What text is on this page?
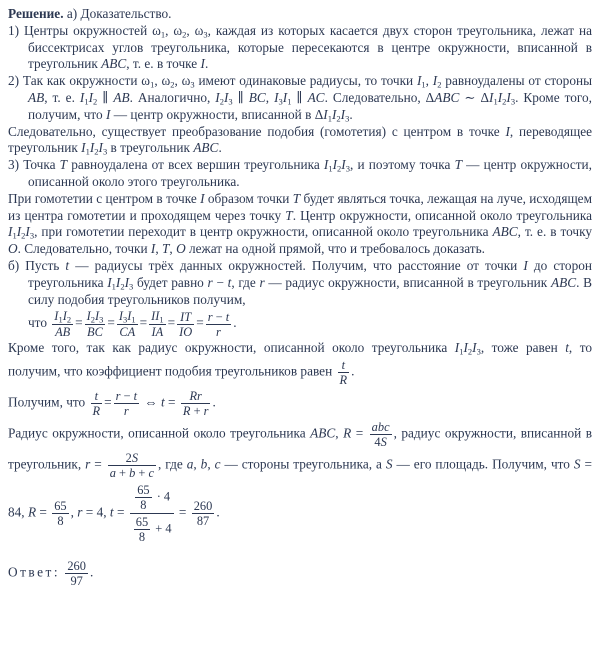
Решение. а) Доказательство.
1) Центры окружностей $\omega_1$, $\omega_2$, $\omega_3$, каждая из которых касается двух сторон треугольника, лежат на биссектрисах углов треугольника, которые пересекаются в центре окружности, вписанной в треугольник ABC, т. е. в точке I.
2) Так как окружности $\omega_1$, $\omega_2$, $\omega_3$ имеют одинаковые радиусы, то точки $I_1$, $I_2$ равноудалены от стороны AB, т. е. $I_1I_2$ ∥ AB. Аналогично, $I_2I_3$ ∥ BC, $I_3I_1$ ∥ AC. Следовательно, ΔABC ∼ $\Delta I_1I_2I_3$. Кроме того, получим, что I — центр окружности, вписанной в $\Delta I_1I_2I_3$.
Следовательно, существует преобразование подобия (гомотетия) с центром в точке I, переводящее треугольник $I_1I_2I_3$ в треугольник ABC.
3) Точка T равноудалена от всех вершин треугольника $I_1I_2I_3$, и поэтому точка T — центр окружности, описанной около этого треугольника.
При гомотетии с центром в точке I образом точки T будет являться точка, лежащая на луче, исходящем из центра гомотетии и проходящем через точку T. Центр окружности, описанной около треугольника $I_1I_2I_3$, при гомотетии переходит в центр окружности, описанной около треугольника ABC, т. е. в точку O. Следовательно, точки I, T, O лежат на одной прямой, что и требовалось доказать.
б) Пусть t — радиусы трёх данных окружностей. Получим, что расстояние от точки I до сторон треугольника $I_1I_2I_3$ будет равно r − t, где r — радиус окружности, вписанной в треугольник ABC. В силу подобия треугольников получим,
что $\frac{I_1I_2}{AB} = \frac{I_2I_3}{BC} = \frac{I_3I_1}{CA} = \frac{II_1}{IA} = \frac{IT}{IO} = \frac{r - t}{r}$ .
Кроме того, так как радиус окружности, описанной около треугольника $I_1I_2I_3$, тоже равен t, то получим, что коэффициент подобия треугольников равен $\frac{t}{R}$ .
Получим, что $\frac{t}{R} = \frac{r - t}{r}$ ⇔ $t = \frac{Rr}{R + r}$ .
Радиус окружности, описанной около треугольника ABC, $R = \frac{\text{abc}}{4S}$ , радиус окружности, вписанной в треугольник, $r = \frac{2S}{a + b + c}$ , где a, b, c — стороны треугольника, а S — его площадь. Получим, что S = 84, $R = \frac{65}{8}$ , r = 4, $t = \frac{\frac{65}{8} \cdot 4}{\frac{65}{8} + 4} = \frac{260}{87}$ .
Ответ: $\frac{260}{97}$ .
